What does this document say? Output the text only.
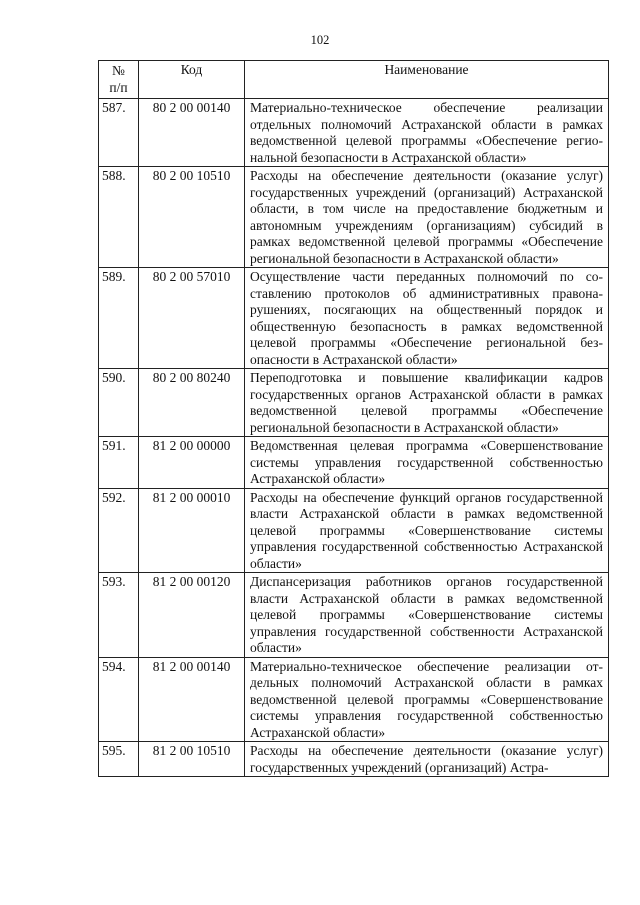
102
№
п/п	Код	Наименование
587.	80 2 00 00140	Материально-техническое обеспечение реализации отдельных полномочий Астраханской области в рамках ведомственной целевой программы «Обеспечение региональной безопасности в Астраханской области»
588.	80 2 00 10510	Расходы на обеспечение деятельности (оказание услуг) государственных учреждений (организаций) Астраханской области, в том числе на предоставление бюджетным и автономным учреждениям (организациям) субсидий в рамках ведомственной целевой программы «Обеспечение региональной безопасности в Астраханской области»
589.	80 2 00 57010	Осуществление части переданных полномочий по составлению протоколов об административных правонарушениях, посягающих на общественный порядок и общественную безопасность в рамках ведомственной целевой программы «Обеспечение региональной безопасности в Астраханской области»
590.	80 2 00 80240	Переподготовка и повышение квалификации кадров государственных органов Астраханской области в рамках ведомственной целевой программы «Обеспечение региональной безопасности в Астраханской области»
591.	81 2 00 00000	Ведомственная целевая программа «Совершенствование системы управления государственной собственностью Астраханской области»
592.	81 2 00 00010	Расходы на обеспечение функций органов государственной власти Астраханской области в рамках ведомственной целевой программы «Совершенствование системы управления государственной собственностью Астраханской области»
593.	81 2 00 00120	Диспансеризация работников органов государственной власти Астраханской области в рамках ведомственной целевой программы «Совершенствование системы управления государственной собственности Астраханской области»
594.	81 2 00 00140	Материально-техническое обеспечение реализации отдельных полномочий Астраханской области в рамках ведомственной целевой программы «Совершенствование системы управления государственной собственностью Астраханской области»
595.	81 2 00 10510	Расходы на обеспечение деятельности (оказание услуг) государственных учреждений (организаций) Астра-
